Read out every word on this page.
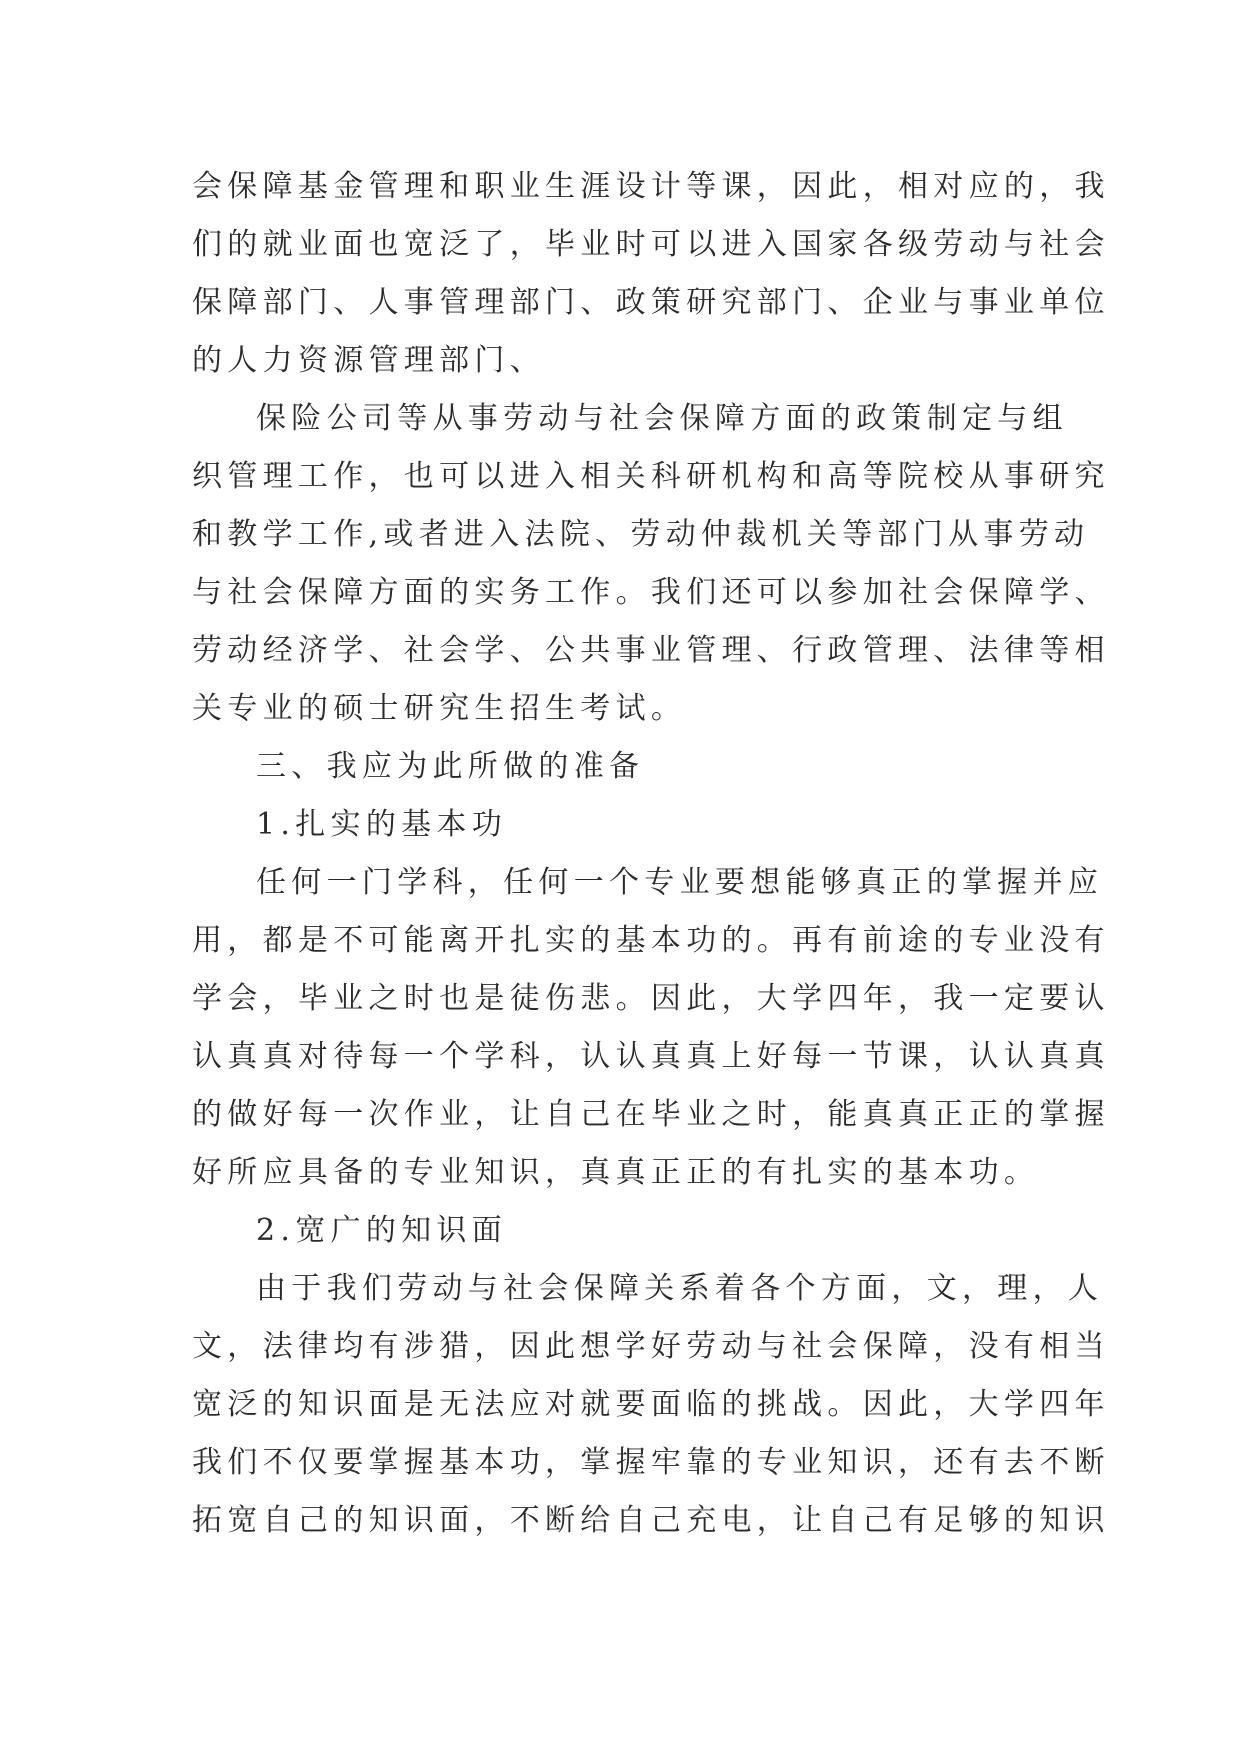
会保障基金管理和职业生涯设计等课，因此，相对应的，我
们的就业面也宽泛了，毕业时可以进入国家各级劳动与社会
保障部门、人事管理部门、政策研究部门、企业与事业单位
的人力资源管理部门、
保险公司等从事劳动与社会保障方面的政策制定与组
织管理工作，也可以进入相关科研机构和高等院校从事研究
和教学工作,或者进入法院、劳动仲裁机关等部门从事劳动
与社会保障方面的实务工作。我们还可以参加社会保障学、
劳动经济学、社会学、公共事业管理、行政管理、法律等相
关专业的硕士研究生招生考试。
三、我应为此所做的准备
1.扎实的基本功
任何一门学科，任何一个专业要想能够真正的掌握并应
用，都是不可能离开扎实的基本功的。再有前途的专业没有
学会，毕业之时也是徒伤悲。因此，大学四年，我一定要认
认真真对待每一个学科，认认真真上好每一节课，认认真真
的做好每一次作业，让自己在毕业之时，能真真正正的掌握
好所应具备的专业知识，真真正正的有扎实的基本功。
2.宽广的知识面
由于我们劳动与社会保障关系着各个方面，文，理，人
文，法律均有涉猎，因此想学好劳动与社会保障，没有相当
宽泛的知识面是无法应对就要面临的挑战。因此，大学四年
我们不仅要掌握基本功，掌握牢靠的专业知识，还有去不断
拓宽自己的知识面，不断给自己充电，让自己有足够的知识
